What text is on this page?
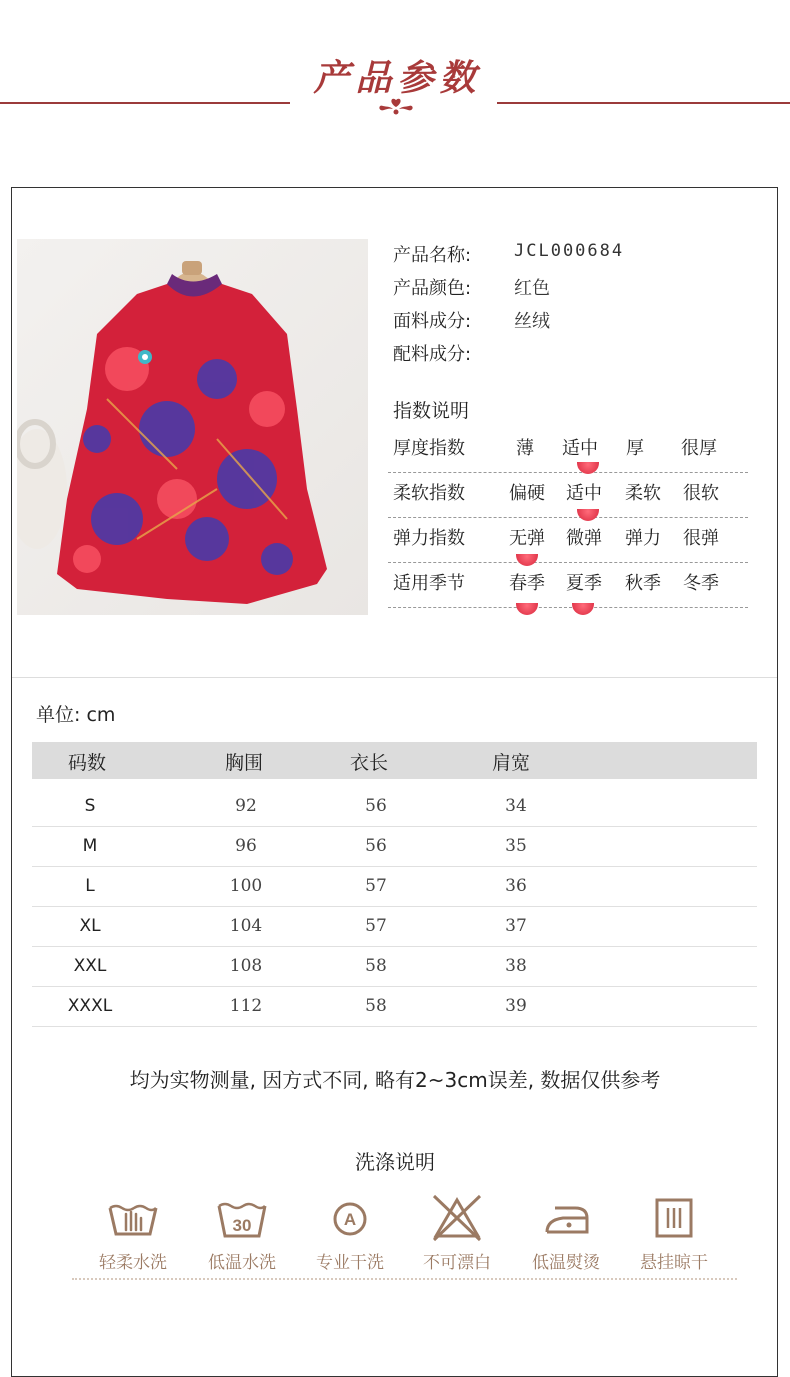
产品参数
产品名称:	JCL000684
产品颜色: 红色
面料成分: 丝绒
配料成分:
指数说明
厚度指数	薄	适中	厚	很厚
柔软指数	偏硬	适中	柔软	很软
弹力指数	无弹	微弹	弹力	很弹
适用季节	春季	夏季	秋季	冬季
单位: cm
码数	胸围	衣长	肩宽
S	92	56	34
M	96	56	35
L	100	57	36
XL	104	57	37
XXL	108	58	38
XXXL	112	58	39
均为实物测量, 因方式不同, 略有2~3cm误差, 数据仅供参考
洗涤说明
轻柔水洗
30
低温水洗
A
专业干洗	不可漂白	低温熨烫	悬挂晾干
